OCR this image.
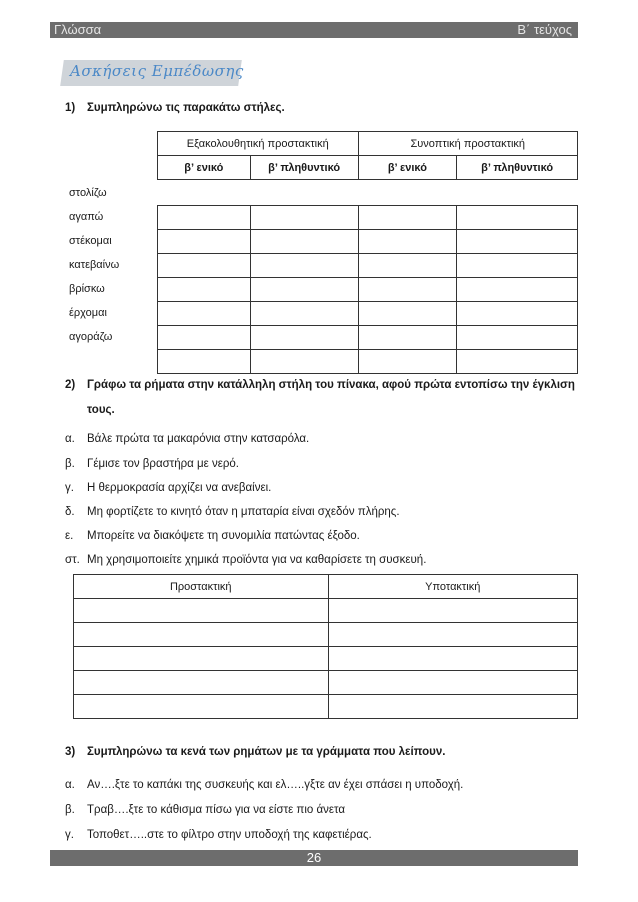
Γλώσσα	Β΄ τεύχος
Ασκήσεις Εμπέδωσης
1) Συμπληρώνω τις παρακάτω στήλες.
Εξακολουθητική προστακτική		Συνοπτική προστακτική	
β’ ενικό	β’ πληθυντικό	β’ ενικό	β’ πληθυντικό

στολίζω
αγαπώ
στέκομαι
κατεβαίνω
βρίσκω
έρχομαι
αγοράζω
2) Γράφω τα ρήματα στην κατάλληλη στήλη του πίνακα, αφού πρώτα εντοπίσω την έγκλιση
τους.
α. Βάλε πρώτα τα μακαρόνια στην κατσαρόλα.
β. Γέμισε τον βραστήρα με νερό.
γ. Η θερμοκρασία αρχίζει να ανεβαίνει.
δ. Μη φορτίζετε το κινητό όταν η μπαταρία είναι σχεδόν πλήρης.
ε. Μπορείτε να διακόψετε τη συνομιλία πατώντας έξοδο.
στ. Μη χρησιμοποιείτε χημικά προϊόντα για να καθαρίσετε τη συσκευή.
Προστακτική	Υποτακτική

3) Συμπληρώνω τα κενά των ρημάτων με τα γράμματα που λείπουν.
α. Αν….ξτε το καπάκι της συσκευής και ελ…..γξτε αν έχει σπάσει η υποδοχή.
β. Τραβ….ξτε το κάθισμα πίσω για να είστε πιο άνετα
γ. Τοποθετ…..στε το φίλτρο στην υποδοχή της καφετιέρας.
26
